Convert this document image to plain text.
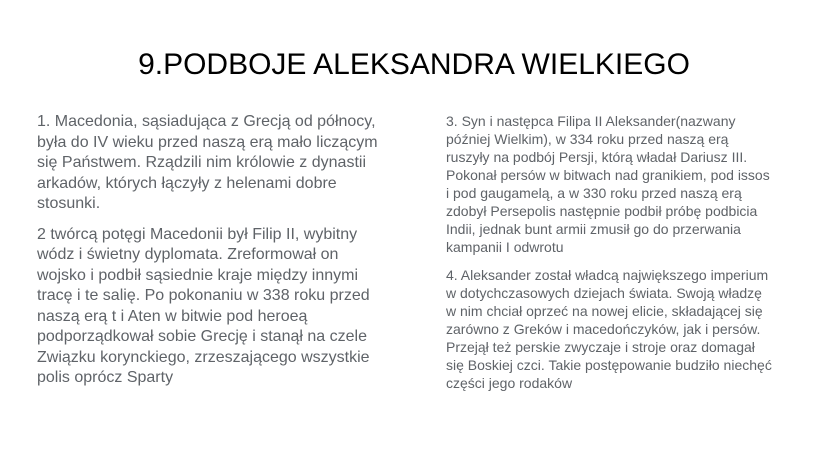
9.PODBOJE ALEKSANDRA WIELKIEGO

1. Macedonia, sąsiadująca z Grecją od północy,
była do IV wieku przed naszą erą mało liczącym
się Państwem. Rządzili nim królowie z dynastii
arkadów, których łączyły z helenami dobre
stosunki.

2 twórcą potęgi Macedonii był Filip II, wybitny
wódz i świetny dyplomata. Zreformował on
wojsko i podbił sąsiednie kraje między innymi
tracę i te salię. Po pokonaniu w 338 roku przed
naszą erą t i Aten w bitwie pod heroeą
podporządkował sobie Grecję i stanął na czele
Związku korynckiego, zrzeszającego wszystkie
polis oprócz Sparty

3. Syn i następca Filipa II Aleksander(nazwany
później Wielkim), w 334 roku przed naszą erą
ruszyły na podbój Persji, którą władał Dariusz III.
Pokonał persów w bitwach nad granikiem, pod issos
i pod gaugamelą, a w 330 roku przed naszą erą
zdobył Persepolis następnie podbił próbę podbicia
Indii, jednak bunt armii zmusił go do przerwania
kampanii I odwrotu

4. Aleksander został władcą największego imperium
w dotychczasowych dziejach świata. Swoją władzę
w nim chciał oprzeć na nowej elicie, składającej się
zarówno z Greków i macedończyków, jak i persów.
Przejął też perskie zwyczaje i stroje oraz domagał
się Boskiej czci. Takie postępowanie budziło niechęć
części jego rodaków
